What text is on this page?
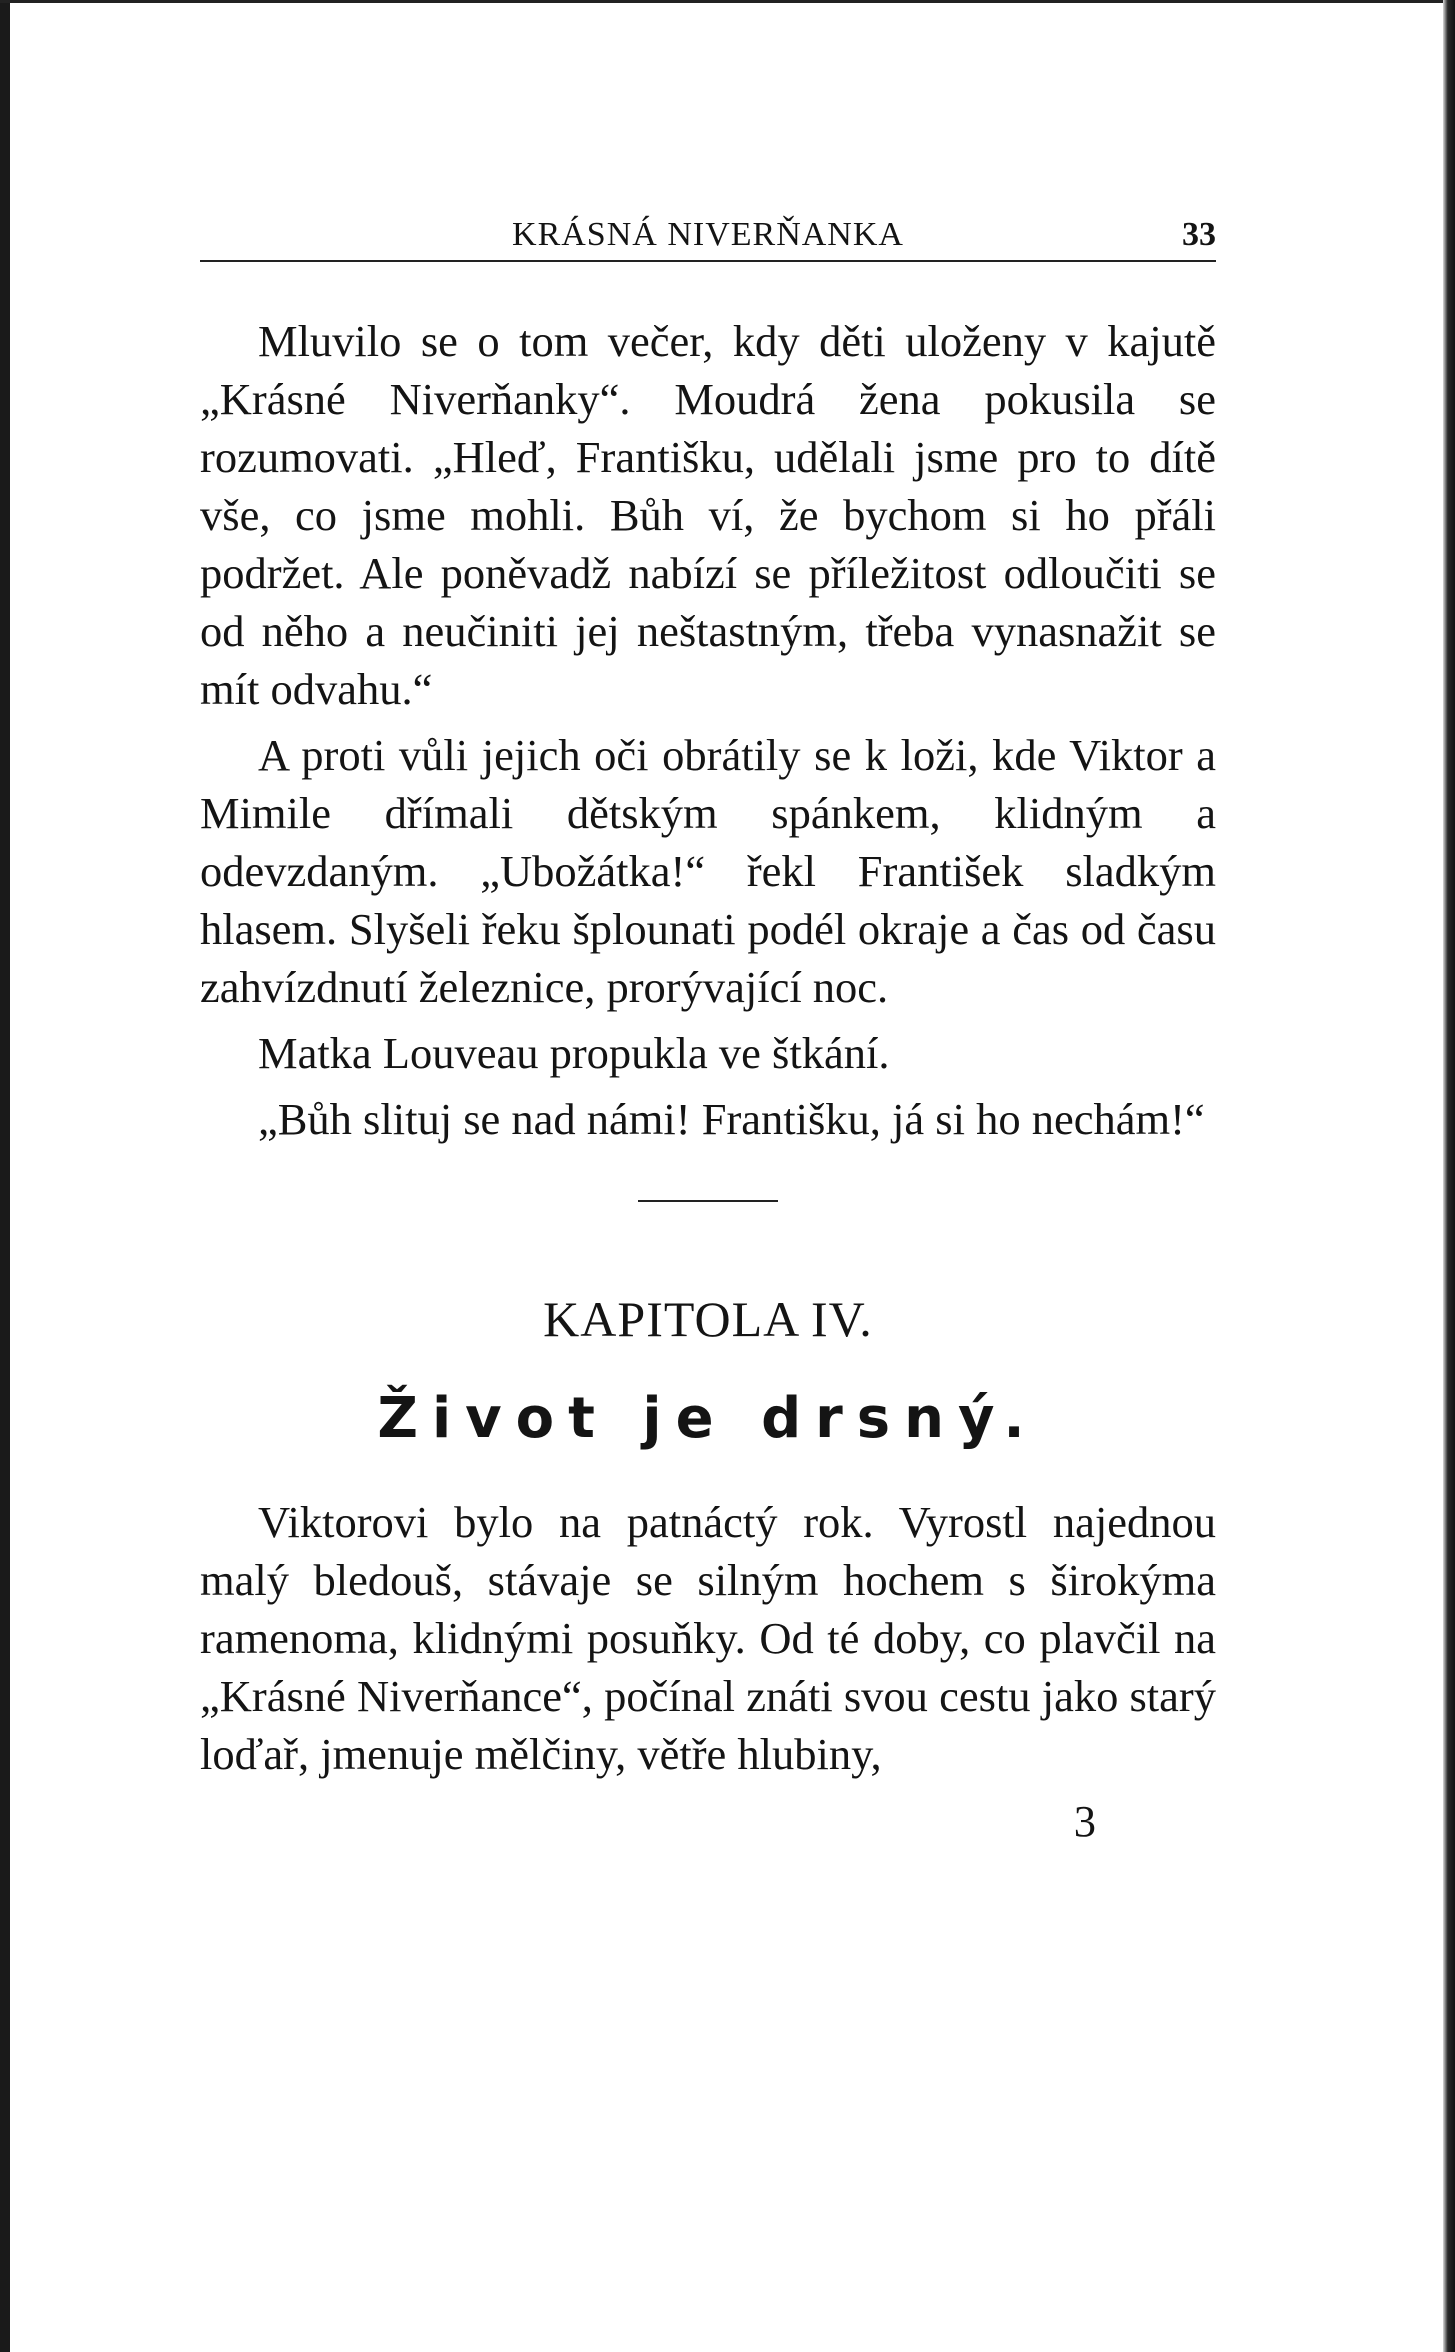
KRÁSNÁ NIVERŇANKA	33

Mluvilo se o tom večer, kdy děti uloženy v kajutě „Krásné Niverňanky“. Moudrá žena pokusila se rozumovati. „Hleď, Františku, udělali jsme pro to dítě vše, co jsme mohli. Bůh ví, že bychom si ho přáli podržet. Ale poněvadž nabízí se příležitost odloučiti se od něho a neučiniti jej neštastným, třeba vynasnažit se mít odvahu.“

A proti vůli jejich oči obrátily se k loži, kde Viktor a Mimile dřímali dětským spánkem, klidným a odevzdaným. „Ubožátka!“ řekl František sladkým hlasem. Slyšeli řeku šplounati podél okraje a čas od času zahvízdnutí železnice, prorývající noc.

Matka Louveau propukla ve štkání.

„Bůh slituj se nad námi! Františku, já si ho nechám!“

KAPITOLA IV.
Život je drsný.

Viktorovi bylo na patnáctý rok. Vyrostl najednou malý bledouš, stávaje se silným hochem s širokýma ramenoma, klidnými posuňky. Od té doby, co plavčil na „Krásné Niverňance“, počínal znáti svou cestu jako starý loďař, jmenuje mělčiny, větře hlubiny,

3
